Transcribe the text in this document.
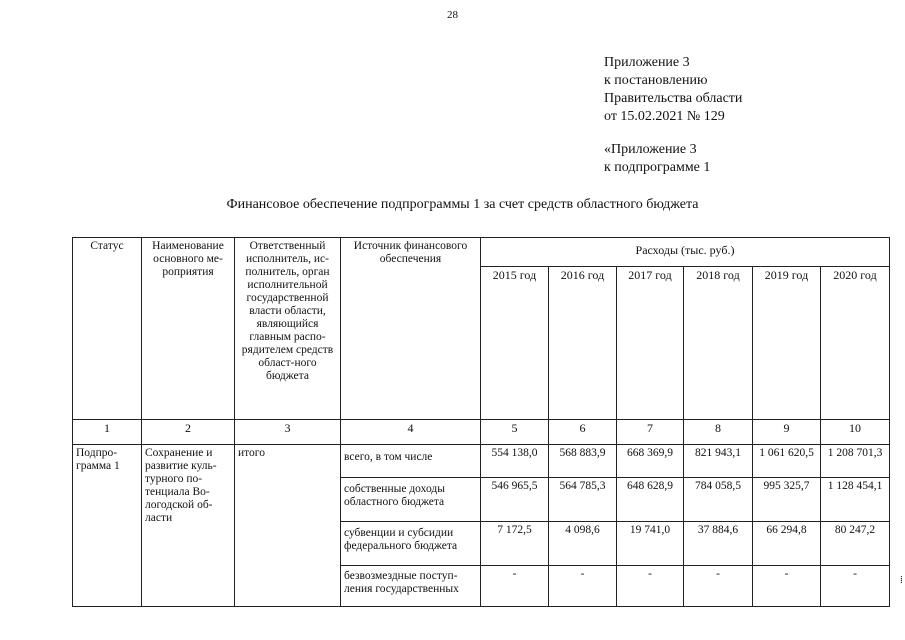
28
Приложение 3
к постановлению
Правительства области
от 15.02.2021 № 129
«Приложение 3
к подпрограмме 1
Финансовое обеспечение подпрограммы 1 за счет средств областного бюджета
Статус	Наименование основного ме-роприятия	Ответственный исполнитель, ис-полнитель, орган исполнительной государственной власти области, являющийся главным распо-рядителем средств област-ного бюджета	Источник финансового обеспечения	Расходы (тыс. руб.)					
				2015 год	2016 год	2017 год	2018 год	2019 год	2020 год
1	2	3	4	5	6	7	8	9	10
Подпро-грамма 1	Сохранение и развитие куль-турного по-тенциала Во-логодской об-ласти	итого	всего, в том числе	554 138,0	568 883,9	668 369,9	821 943,1	1 061 620,5	1 208 701,3
			собственные доходы областного бюджета	546 965,5	564 785,3	648 628,9	784 058,5	995 325,7	1 128 454,1
			субвенции и субсидии федерального бюджета	7 172,5	4 098,6	19 741,0	37 884,6	66 294,8	80 247,2
			безвозмездные поступ-ления государственных	-	-	-	-	-	-
⁞
